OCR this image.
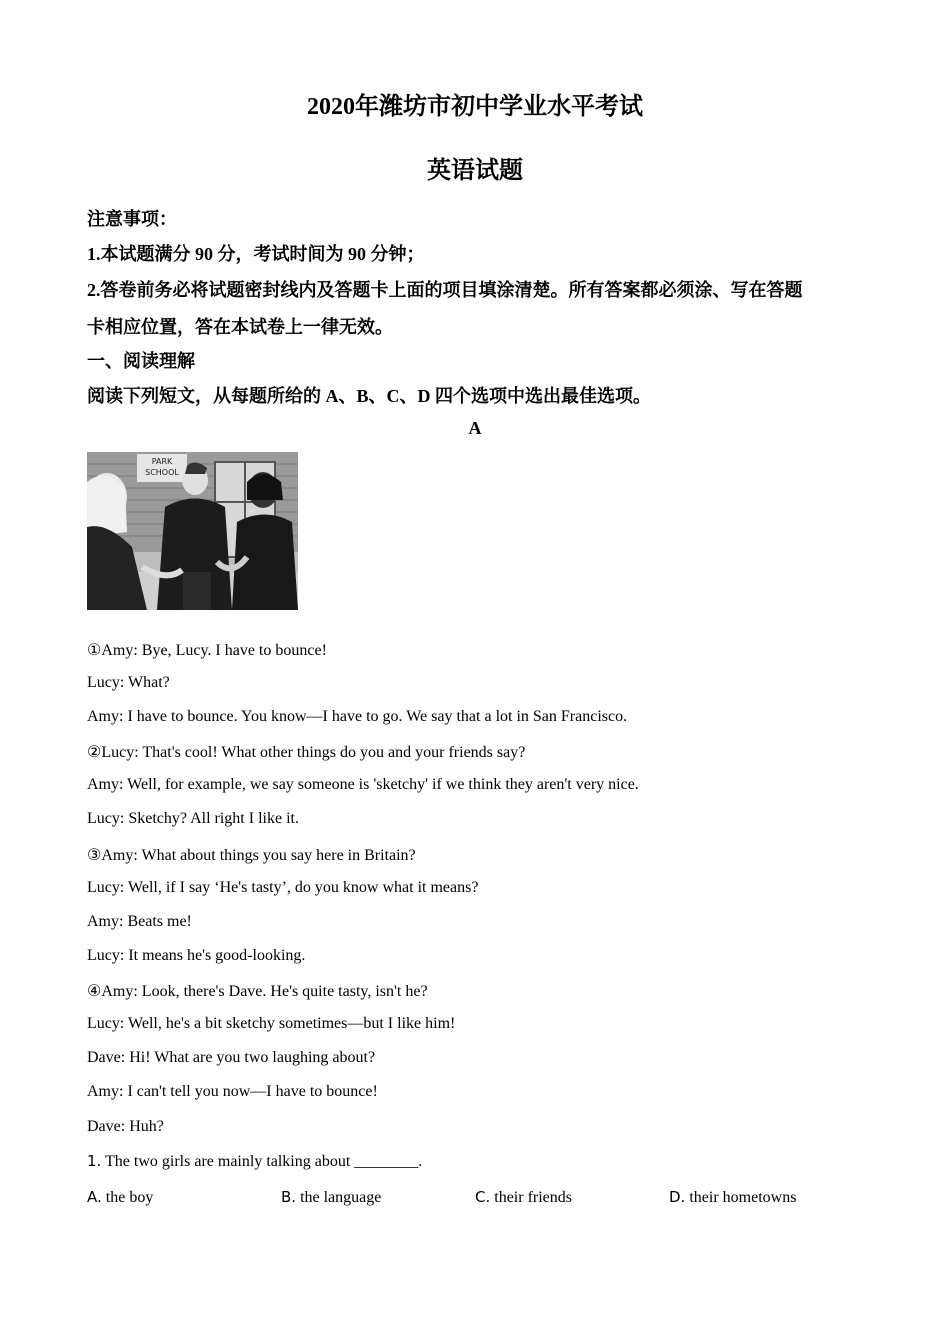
2020年潍坊市初中学业水平考试
英语试题
注意事项：
1.本试题满分 90 分，考试时间为 90 分钟；
2.答卷前务必将试题密封线内及答题卡上面的项目填涂清楚。所有答案都必须涂、写在答题
卡相应位置，答在本试卷上一律无效。
一、阅读理解
阅读下列短文，从每题所给的 A、B、C、D 四个选项中选出最佳选项。
A
PARK
SCHOOL
①Amy: Bye, Lucy. I have to bounce!
Lucy: What?
Amy: I have to bounce. You know—I have to go. We say that a lot in San Francisco.
②Lucy: That's cool! What other things do you and your friends say?
Amy: Well, for example, we say someone is 'sketchy' if we think they aren't very nice.
Lucy: Sketchy? All right I like it.
③Amy: What about things you say here in Britain?
Lucy: Well, if I say ‘He's tasty’, do you know what it means?
Amy: Beats me!
Lucy: It means he's good-looking.
④Amy: Look, there's Dave. He's quite tasty, isn't he?
Lucy: Well, he's a bit sketchy sometimes—but I like him!
Dave: Hi! What are you two laughing about?
Amy: I can't tell you now—I have to bounce!
Dave: Huh?
1. The two girls are mainly talking about ________.
A. the boy	B. the language	C. their friends	D. their hometowns
